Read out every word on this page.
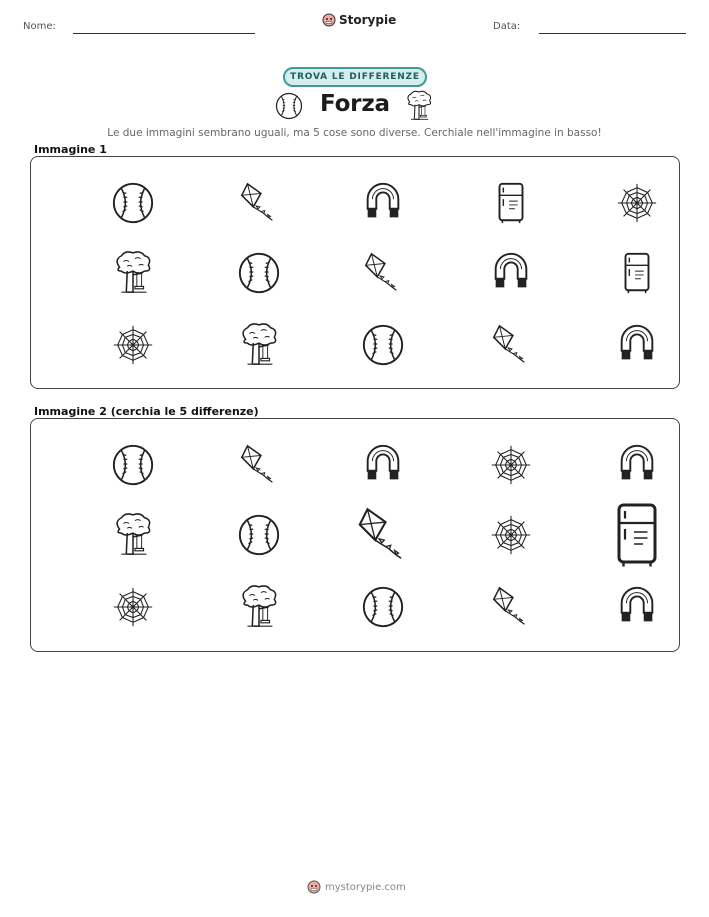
Nome:	Storypie	Data:
TROVA LE DIFFERENZE
Forza
Le due immagini sembrano uguali, ma 5 cose sono diverse. Cerchiale nell'immagine in basso!
Immagine 1
Immagine 2 (cerchia le 5 differenze)
mystorypie.com
